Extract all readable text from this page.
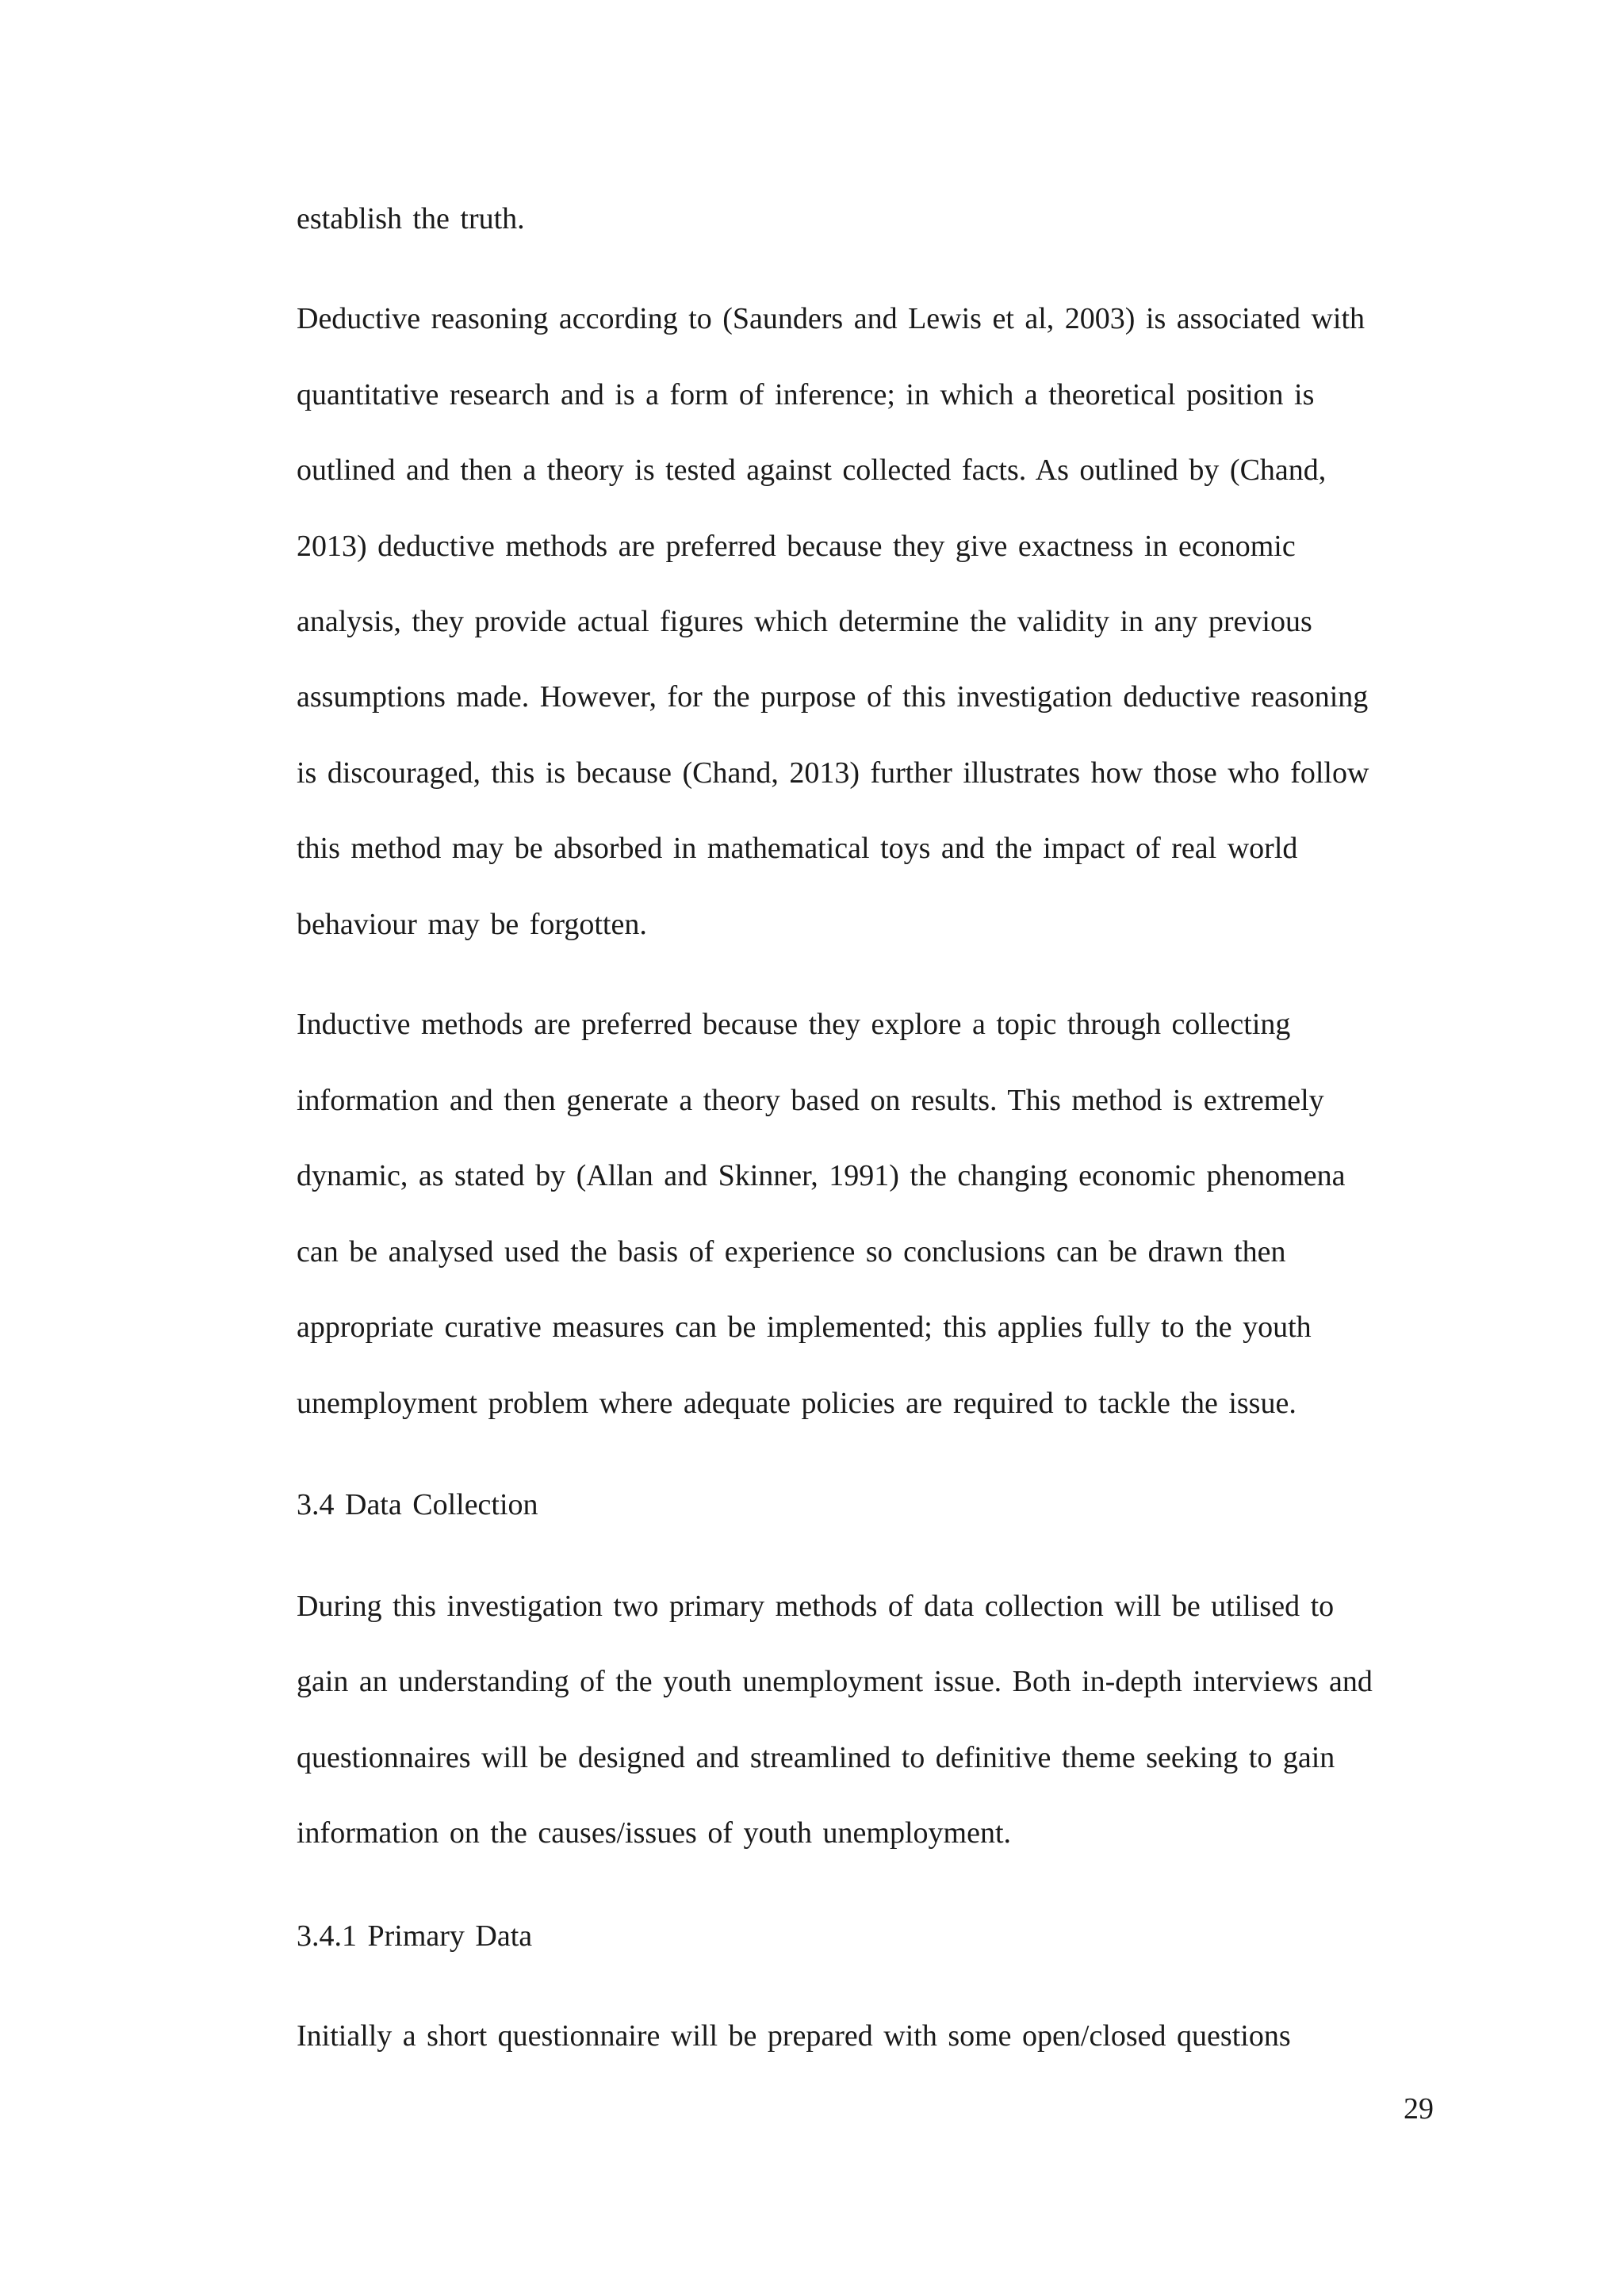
establish the truth.
Deductive reasoning according to (Saunders and Lewis et al, 2003) is associated with
quantitative research and is a form of inference; in which a theoretical position is
outlined and then a theory is tested against collected facts. As outlined by (Chand,
2013) deductive methods are preferred because they give exactness in economic
analysis, they provide actual figures which determine the validity in any previous
assumptions made. However, for the purpose of this investigation deductive reasoning
is discouraged, this is because (Chand, 2013) further illustrates how those who follow
this method may be absorbed in mathematical toys and the impact of real world
behaviour may be forgotten.
Inductive methods are preferred because they explore a topic through collecting
information and then generate a theory based on results. This method is extremely
dynamic, as stated by (Allan and Skinner, 1991) the changing economic phenomena
can be analysed used the basis of experience so conclusions can be drawn then
appropriate curative measures can be implemented; this applies fully to the youth
unemployment problem where adequate policies are required to tackle the issue.
3.4 Data Collection
During this investigation two primary methods of data collection will be utilised to
gain an understanding of the youth unemployment issue. Both in-depth interviews and
questionnaires will be designed and streamlined to definitive theme seeking to gain
information on the causes/issues of youth unemployment.
3.4.1 Primary Data
Initially a short questionnaire will be prepared with some open/closed questions
29
